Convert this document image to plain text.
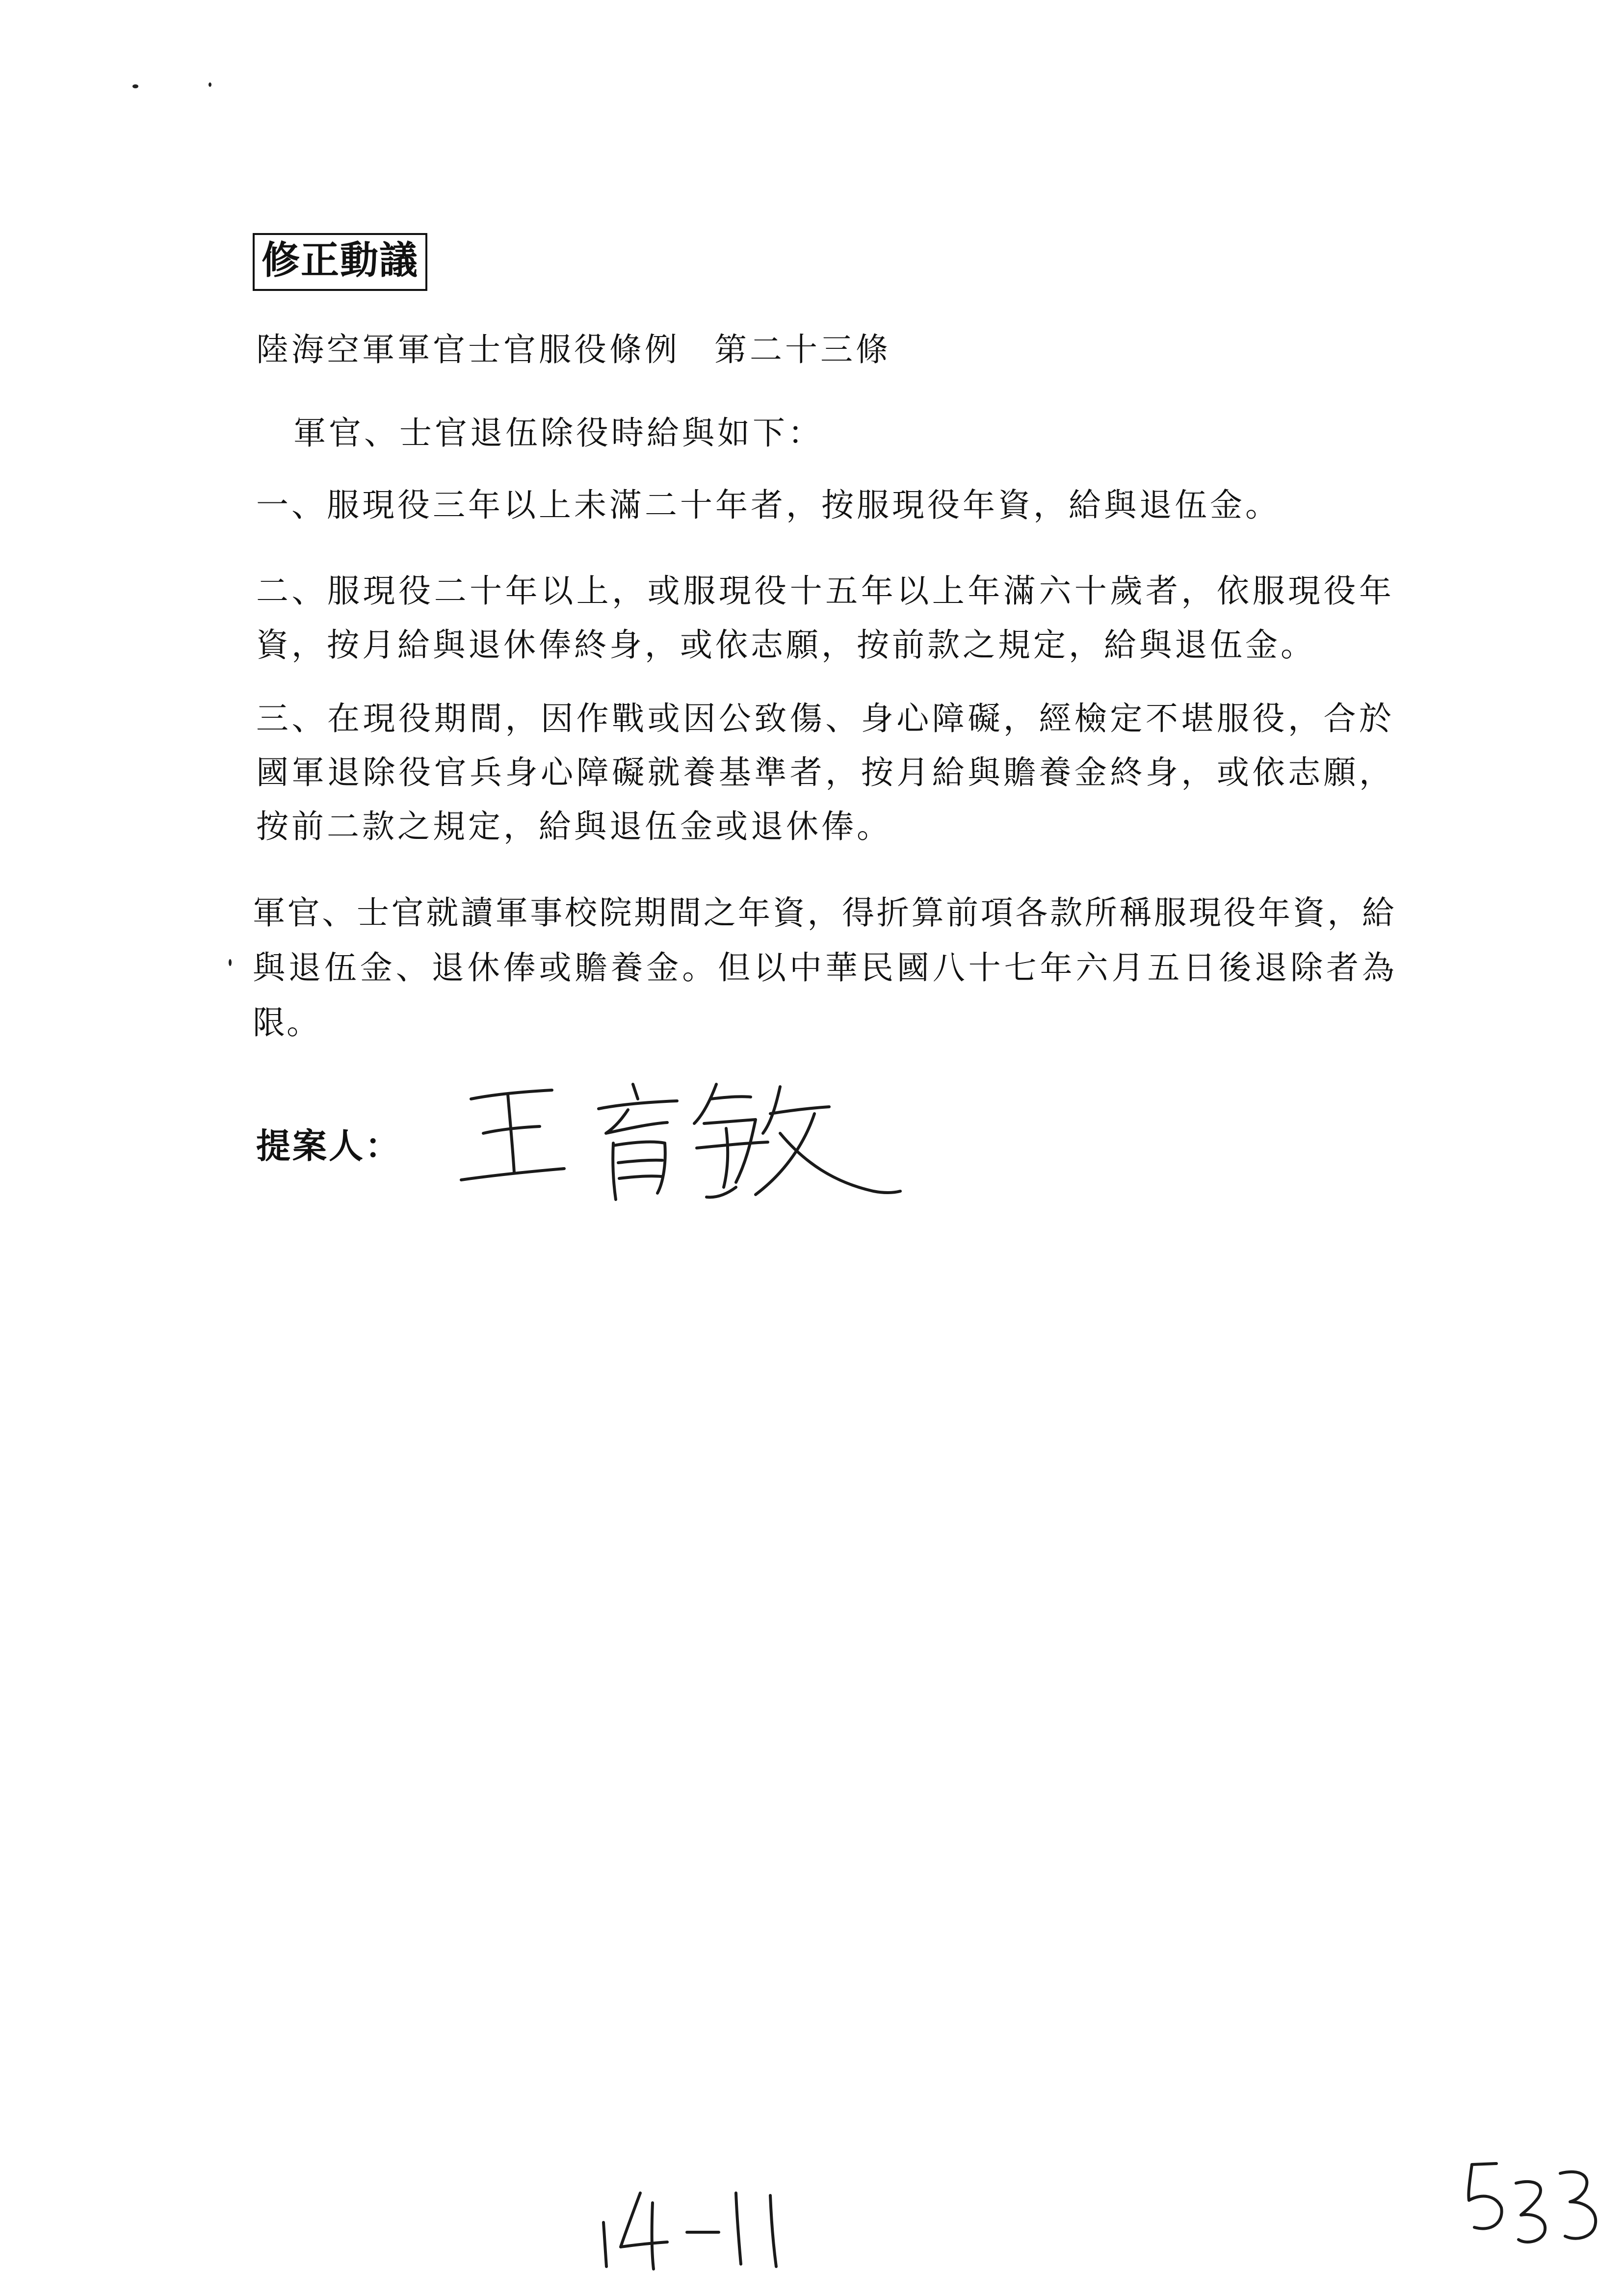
修正動議
陸海空軍軍官士官服役條例 第二十三條
軍官、士官退伍除役時給與如下：
一、服現役三年以上未滿二十年者，按服現役年資，給與退伍金。
二、服現役二十年以上，或服現役十五年以上年滿六十歲者，依服現役年資，按月給與退休俸終身，或依志願，按前款之規定，給與退伍金。
三、在現役期間，因作戰或因公致傷、身心障礙，經檢定不堪服役，合於國軍退除役官兵身心障礙就養基準者，按月給與贍養金終身，或依志願，按前二款之規定，給與退伍金或退休俸。
軍官、士官就讀軍事校院期間之年資，得折算前項各款所稱服現役年資，給與退伍金、退休俸或贍養金。但以中華民國八十七年六月五日後退除者為限。
提案人：
